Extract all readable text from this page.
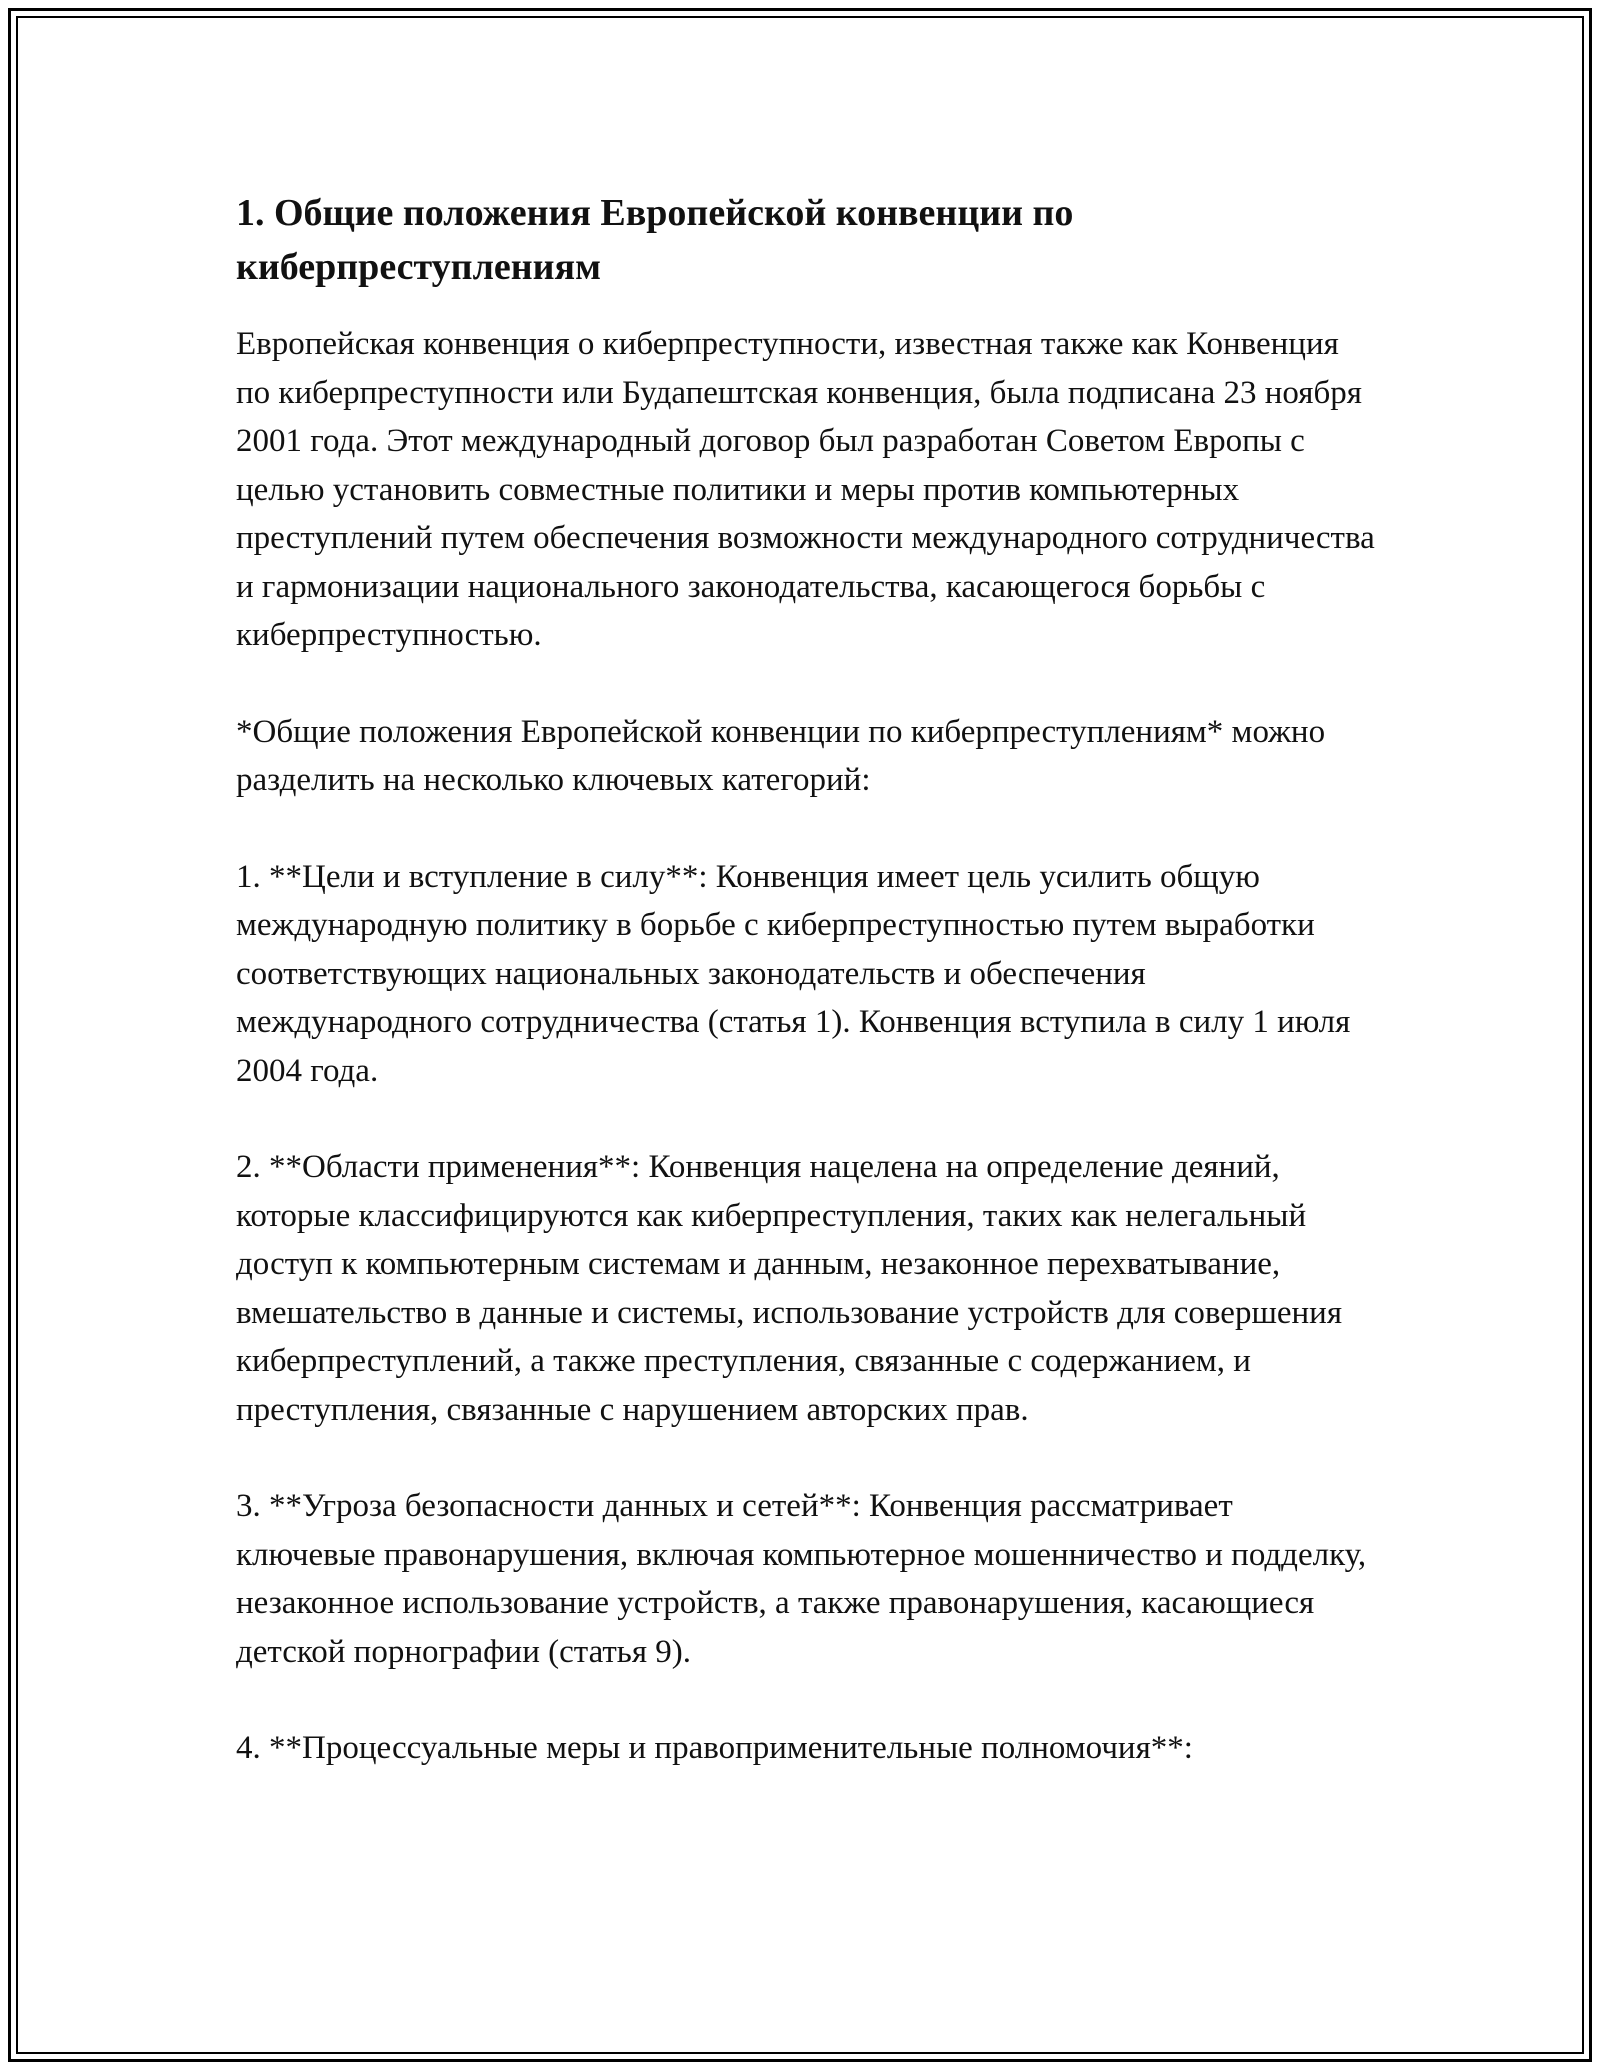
1. Общие положения Европейской конвенции по киберпреступлениям

Европейская конвенция о киберпреступности, известная также как Конвенция по киберпреступности или Будапештская конвенция, была подписана 23 ноября 2001 года. Этот международный договор был разработан Советом Европы с целью установить совместные политики и меры против компьютерных преступлений путем обеспечения возможности международного сотрудничества и гармонизации национального законодательства, касающегося борьбы с киберпреступностью.

*Общие положения Европейской конвенции по киберпреступлениям* можно разделить на несколько ключевых категорий:

1. **Цели и вступление в силу**: Конвенция имеет цель усилить общую международную политику в борьбе с киберпреступностью путем выработки соответствующих национальных законодательств и обеспечения международного сотрудничества (статья 1). Конвенция вступила в силу 1 июля 2004 года.

2. **Области применения**: Конвенция нацелена на определение деяний, которые классифицируются как киберпреступления, таких как нелегальный доступ к компьютерным системам и данным, незаконное перехватывание, вмешательство в данные и системы, использование устройств для совершения киберпреступлений, а также преступления, связанные с содержанием, и преступления, связанные с нарушением авторских прав.

3. **Угроза безопасности данных и сетей**: Конвенция рассматривает ключевые правонарушения, включая компьютерное мошенничество и подделку, незаконное использование устройств, а также правонарушения, касающиеся детской порнографии (статья 9).

4. **Процессуальные меры и правоприменительные полномочия**:
